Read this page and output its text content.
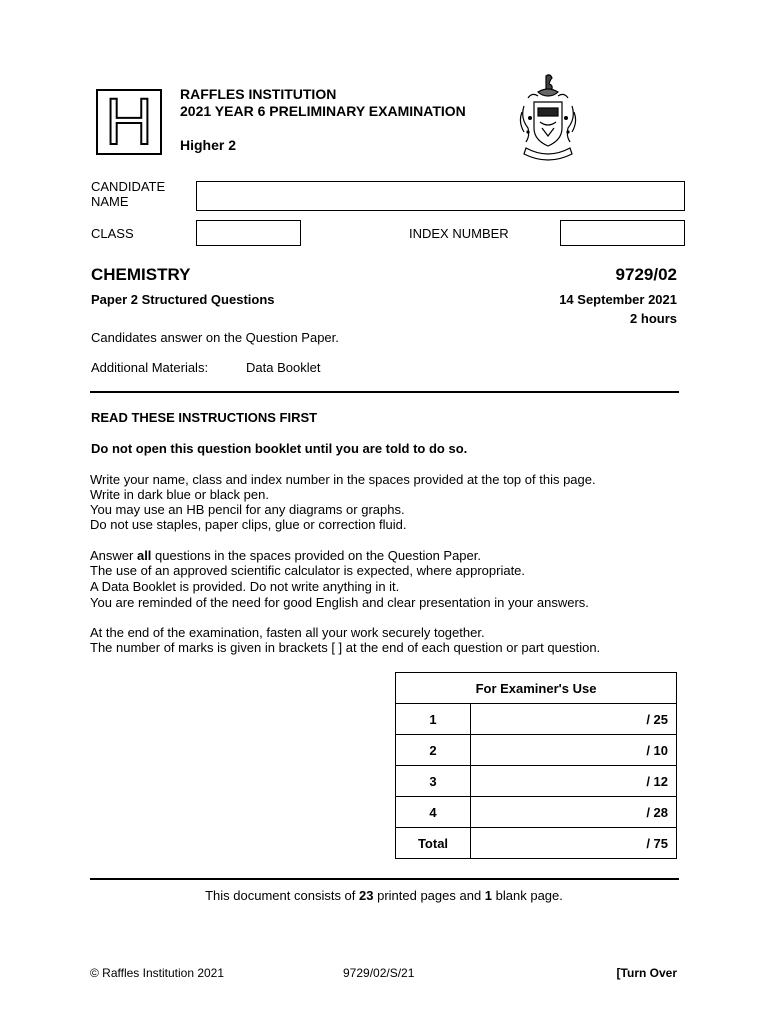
H	RAFFLES INSTITUTION
2021 YEAR 6 PRELIMINARY EXAMINATION
Higher 2
CANDIDATE
NAME
CLASS	INDEX NUMBER
CHEMISTRY	9729/02
Paper 2 Structured Questions	14 September 2021
2 hours
Candidates answer on the Question Paper.
Additional Materials:	Data Booklet
READ THESE INSTRUCTIONS FIRST
Do not open this question booklet until you are told to do so.
Write your name, class and index number in the spaces provided at the top of this page.
Write in dark blue or black pen.
You may use an HB pencil for any diagrams or graphs.
Do not use staples, paper clips, glue or correction fluid.
Answer all questions in the spaces provided on the Question Paper.
The use of an approved scientific calculator is expected, where appropriate.
A Data Booklet is provided. Do not write anything in it.
You are reminded of the need for good English and clear presentation in your answers.
At the end of the examination, fasten all your work securely together.
The number of marks is given in brackets [ ] at the end of each question or part question.
For Examiner's Use	
1	/ 25
2	/ 10
3	/ 12
4	/ 28
Total	/ 75
This document consists of 23 printed pages and 1 blank page.
© Raffles Institution 2021	9729/02/S/21	[Turn Over
